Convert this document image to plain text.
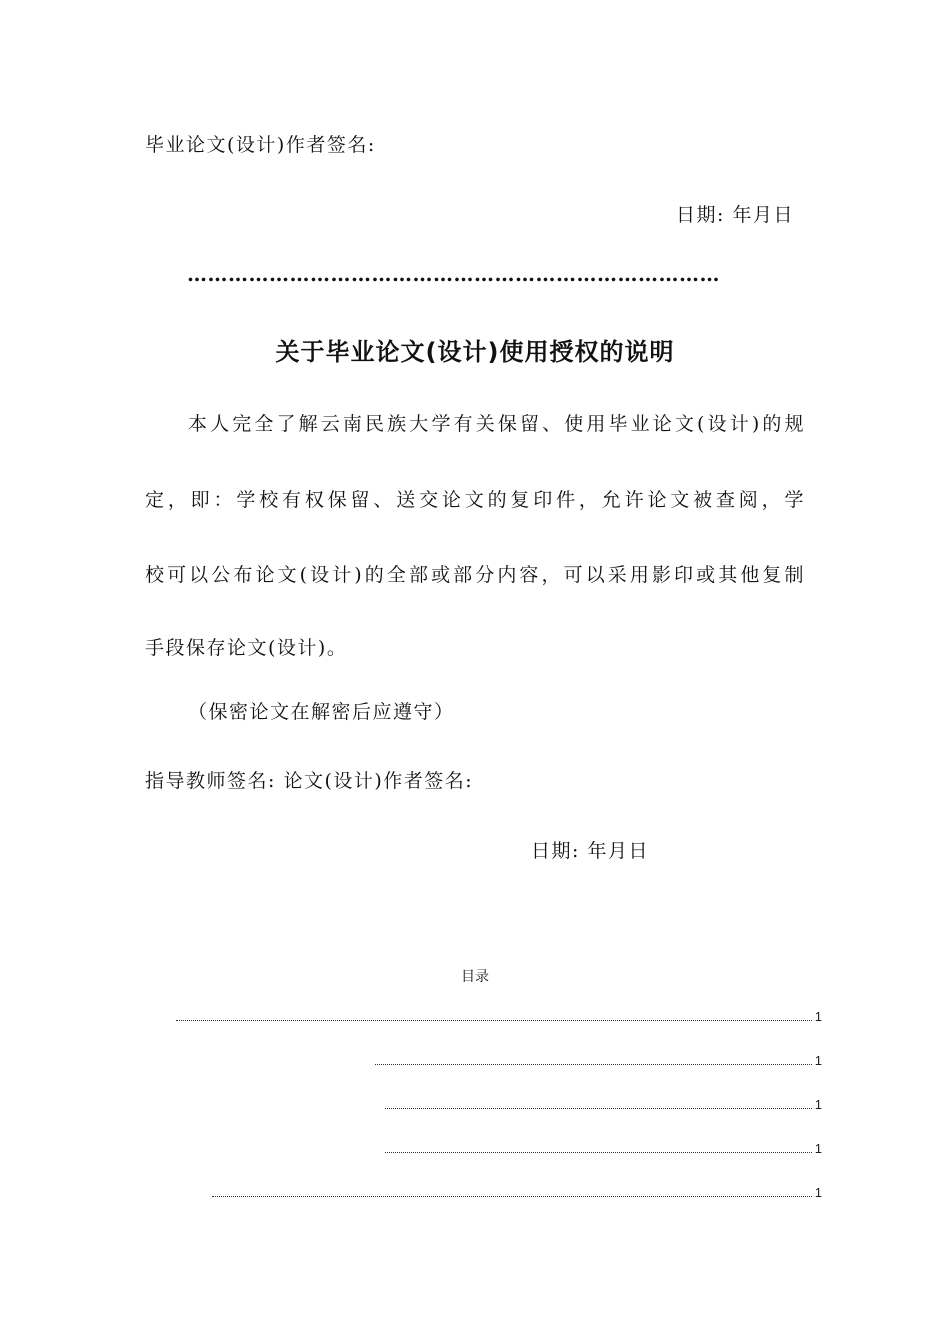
毕业论文(设计)作者签名:
日期: 年月日
……………………………………………………………………
关于毕业论文(设计)使用授权的说明
本人完全了解云南民族大学有关保留、使用毕业论文(设计)的规
定，即：学校有权保留、送交论文的复印件，允许论文被查阅，学
校可以公布论文(设计)的全部或部分内容，可以采用影印或其他复制
手段保存论文(设计)。
（保密论文在解密后应遵守）
指导教师签名: 论文(设计)作者签名:
日期: 年月日
目录
1
1
1
1
1
